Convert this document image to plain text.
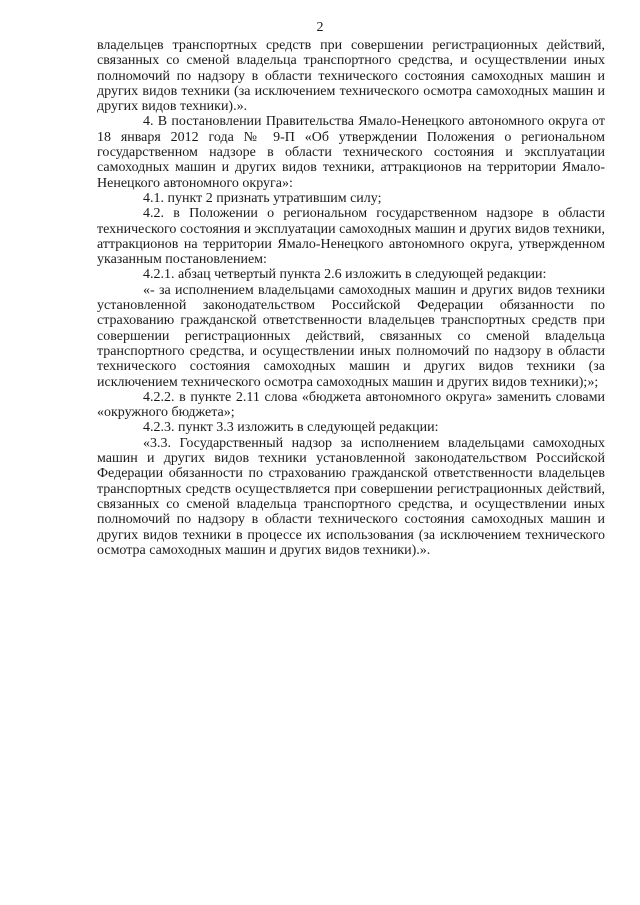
2

владельцев транспортных средств при совершении регистрационных действий, связанных со сменой владельца транспортного средства, и осуществлении иных полномочий по надзору в области технического состояния самоходных машин и других видов техники (за исключением технического осмотра самоходных машин и других видов техники).».

4. В постановлении Правительства Ямало-Ненецкого автономного округа от 18 января 2012 года № 9-П «Об утверждении Положения о региональном государственном надзоре в области технического состояния и эксплуатации самоходных машин и других видов техники, аттракционов на территории Ямало-Ненецкого автономного округа»:

4.1. пункт 2 признать утратившим силу;

4.2. в Положении о региональном государственном надзоре в области технического состояния и эксплуатации самоходных машин и других видов техники, аттракционов на территории Ямало-Ненецкого автономного округа, утвержденном указанным постановлением:

4.2.1. абзац четвертый пункта 2.6 изложить в следующей редакции:

«- за исполнением владельцами самоходных машин и других видов техники установленной законодательством Российской Федерации обязанности по страхованию гражданской ответственности владельцев транспортных средств при совершении регистрационных действий, связанных со сменой владельца транспортного средства, и осуществлении иных полномочий по надзору в области технического состояния самоходных машин и других видов техники (за исключением технического осмотра самоходных машин и других видов техники);»;

4.2.2. в пункте 2.11 слова «бюджета автономного округа» заменить словами «окружного бюджета»;

4.2.3. пункт 3.3 изложить в следующей редакции:

«3.3. Государственный надзор за исполнением владельцами самоходных машин и других видов техники установленной законодательством Российской Федерации обязанности по страхованию гражданской ответственности владельцев транспортных средств осуществляется при совершении регистрационных действий, связанных со сменой владельца транспортного средства, и осуществлении иных полномочий по надзору в области технического состояния самоходных машин и других видов техники в процессе их использования (за исключением технического осмотра самоходных машин и других видов техники).».
